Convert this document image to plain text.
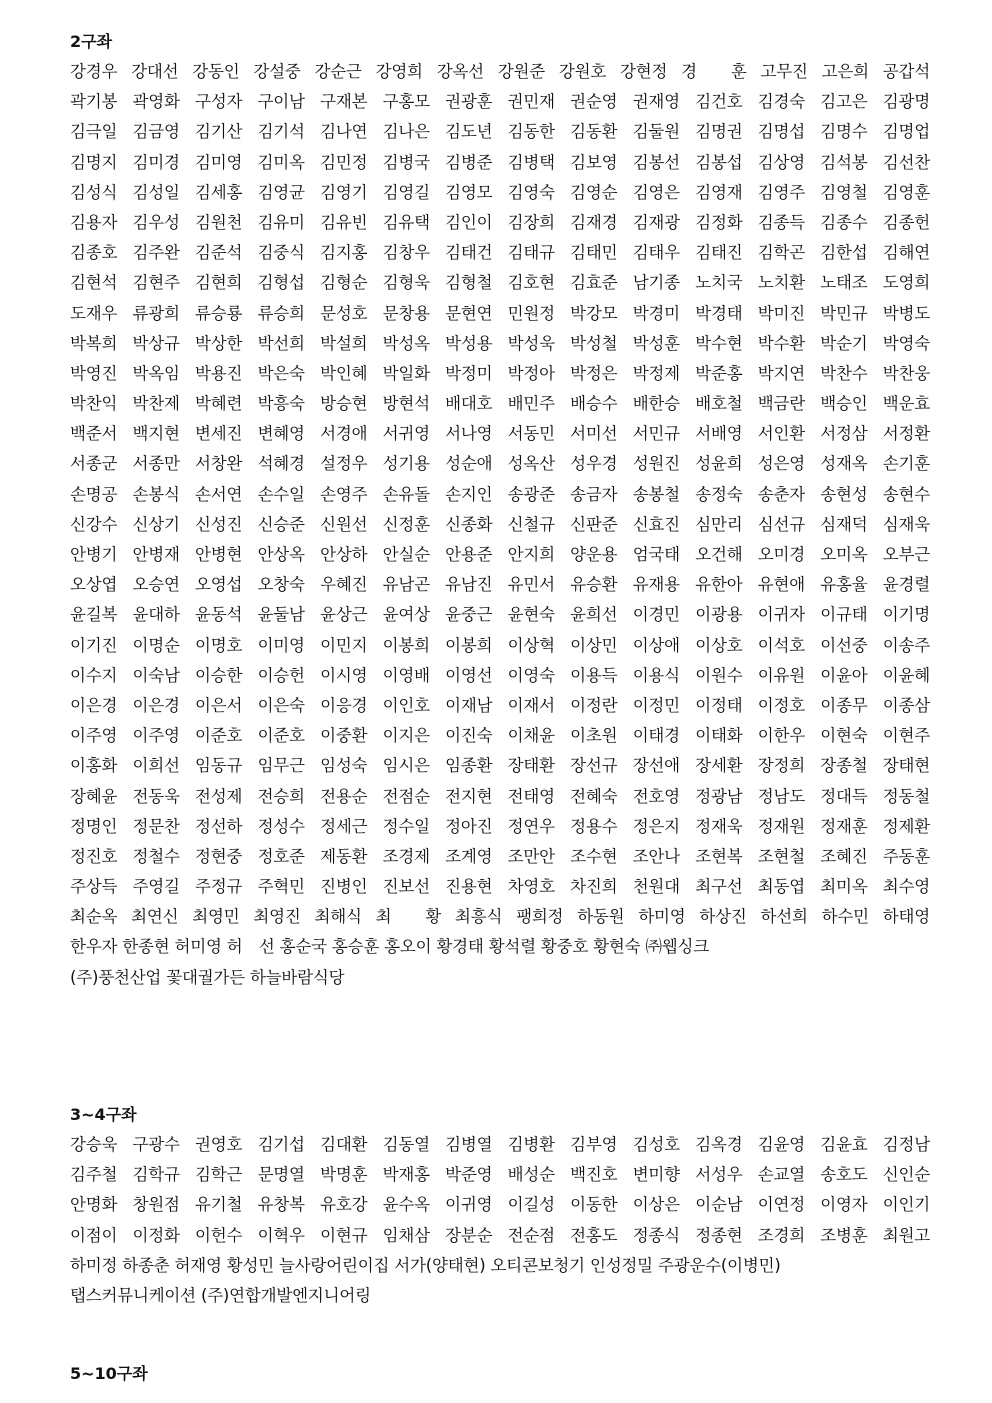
2구좌
강경우 강대선 강동인 강설중 강순근 강영희 강옥선 강원준 강원호 강현정 경　훈 고무진 고은희 공갑석
곽기봉 곽영화 구성자 구이남 구재본 구홍모 권광훈 권민재 권순영 권재영 김건호 김경숙 김고은 김광명
김극일 김금영 김기산 김기석 김나연 김나은 김도년 김동한 김동환 김둘원 김명권 김명섭 김명수 김명업
김명지 김미경 김미영 김미옥 김민정 김병국 김병준 김병택 김보영 김봉선 김봉섭 김상영 김석봉 김선찬
김성식 김성일 김세홍 김영균 김영기 김영길 김영모 김영숙 김영순 김영은 김영재 김영주 김영철 김영훈
김용자 김우성 김원천 김유미 김유빈 김유택 김인이 김장희 김재경 김재광 김정화 김종득 김종수 김종헌
김종호 김주완 김준석 김중식 김지홍 김창우 김태건 김태규 김태민 김태우 김태진 김학곤 김한섭 김해연
김현석 김현주 김현희 김형섭 김형순 김형욱 김형철 김호현 김효준 남기종 노치국 노치환 노태조 도영희
도재우 류광희 류승룡 류승희 문성호 문창용 문현연 민원정 박강모 박경미 박경태 박미진 박민규 박병도
박복희 박상규 박상한 박선희 박설희 박성옥 박성용 박성욱 박성철 박성훈 박수현 박수환 박순기 박영숙
박영진 박옥임 박용진 박은숙 박인혜 박일화 박정미 박정아 박정은 박정제 박준홍 박지연 박찬수 박찬웅
박찬익 박찬제 박혜련 박흥숙 방승현 방현석 배대호 배민주 배승수 배한승 배호철 백금란 백승인 백운효
백준서 백지현 변세진 변혜영 서경애 서귀영 서나영 서동민 서미선 서민규 서배영 서인환 서정삼 서정환
서종군 서종만 서창완 석혜경 설정우 성기용 성순애 성옥산 성우경 성원진 성윤희 성은영 성재옥 손기훈
손명공 손봉식 손서연 손수일 손영주 손유돌 손지인 송광준 송금자 송봉철 송정숙 송춘자 송현성 송현수
신강수 신상기 신성진 신승준 신원선 신정훈 신종화 신철규 신판준 신효진 심만리 심선규 심재덕 심재욱
안병기 안병재 안병현 안상옥 안상하 안실순 안용준 안지희 양운용 엄국태 오건해 오미경 오미옥 오부근
오상엽 오승연 오영섭 오창숙 우혜진 유남곤 유남진 유민서 유승환 유재용 유한아 유현애 유홍율 윤경렬
윤길복 윤대하 윤동석 윤둘남 윤상근 윤여상 윤중근 윤현숙 윤희선 이경민 이광용 이귀자 이규태 이기명
이기진 이명순 이명호 이미영 이민지 이봉희 이봉희 이상혁 이상민 이상애 이상호 이석호 이선중 이송주
이수지 이숙남 이승한 이승헌 이시영 이영배 이영선 이영숙 이용득 이용식 이원수 이유원 이윤아 이윤혜
이은경 이은경 이은서 이은숙 이응경 이인호 이재남 이재서 이정란 이정민 이정태 이정호 이종무 이종삼
이주영 이주영 이준호 이준호 이중환 이지은 이진숙 이채윤 이초원 이태경 이태화 이한우 이현숙 이현주
이홍화 이희선 임동규 임무근 임성숙 임시은 임종환 장태환 장선규 장선애 장세환 장정희 장종철 장태현
장혜윤 전동욱 전성제 전승희 전용순 전점순 전지현 전태영 전혜숙 전호영 정광남 정남도 정대득 정동철
정명인 정문찬 정선하 정성수 정세근 정수일 정아진 정연우 정용수 정은지 정재욱 정재원 정재훈 정제환
정진호 정철수 정현중 정호준 제동환 조경제 조계영 조만안 조수현 조안나 조현복 조현철 조혜진 주동훈
주상득 주영길 주정규 주혁민 진병인 진보선 진용현 차영호 차진희 천원대 최구선 최동엽 최미옥 최수영
최순옥 최연신 최영민 최영진 최해식 최　황 최흥식 팽희정 하동원 하미영 하상진 하선희 하수민 하태영
한우자 한종현 허미영 허　선 홍순국 홍승훈 홍오이 황경태 황석렬 황중호 황현숙 ㈜웹싱크
(주)풍천산업 꽃대궐가든 하늘바람식당
3~4구좌
강승욱 구광수 권영호 김기섭 김대환 김동열 김병열 김병환 김부영 김성호 김옥경 김윤영 김윤효 김정남
김주철 김학규 김학근 문명열 박명훈 박재홍 박준영 배성순 백진호 변미향 서성우 손교열 송호도 신인순
안명화 창원점 유기철 유창복 유호강 윤수옥 이귀영 이길성 이동한 이상은 이순남 이연정 이영자 이인기
이점이 이정화 이헌수 이혁우 이현규 임채삼 장분순 전순점 전홍도 정종식 정종현 조경희 조병훈 최원고
하미정 하종춘 허재영 황성민 늘사랑어린이집 서가(양태현) 오티콘보청기 인성정밀 주광운수(이병민)
탭스커뮤니케이션 (주)연합개발엔지니어링
5~10구좌
